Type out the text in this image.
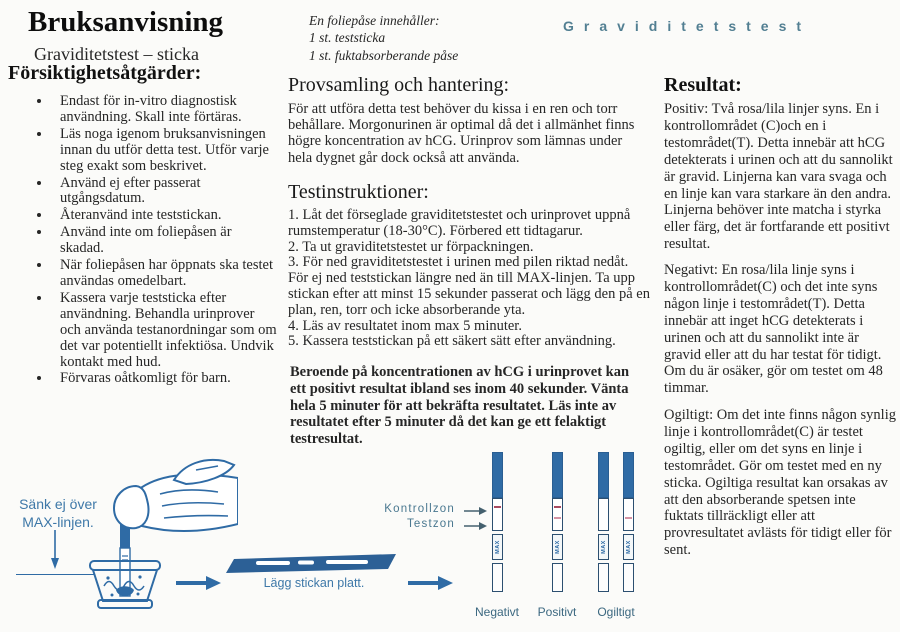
Bruksanvisning
Graviditetstest – sticka
En foliepåse innehåller:
1 st. teststicka
1 st. fuktabsorberande påse
Graviditetstest
Försiktighetsåtgärder:
• Endast för in-vitro diagnostisk användning. Skall inte förtäras.
• Läs noga igenom bruksanvisningen innan du utför detta test. Utför varje steg exakt som beskrivet.
• Använd ej efter passerat utgångsdatum.
• Återanvänd inte teststickan.
• Använd inte om foliepåsen är skadad.
• När foliepåsen har öppnats ska testet användas omedelbart.
• Kassera varje teststicka efter användning. Behandla urinprover och använda testanordningar som om det var potentiellt infektiösa. Undvik kontakt med hud.
• Förvaras oåtkomligt för barn.
Provsamling och hantering:
För att utföra detta test behöver du kissa i en ren och torr behållare. Morgonurinen är optimal då det i allmänhet finns högre koncentration av hCG. Urinprov som lämnas under hela dygnet går dock också att använda.
Testinstruktioner:
1. Låt det förseglade graviditetstestet och urinprovet uppnå rumstemperatur (18-30°C). Förbered ett tidtagarur.
2. Ta ut graviditetstestet ur förpackningen.
3. För ned graviditetstestet i urinen med pilen riktad nedåt. För ej ned teststickan längre ned än till MAX-linjen. Ta upp stickan efter att minst 15 sekunder passerat och lägg den på en plan, ren, torr och icke absorberande yta.
4. Läs av resultatet inom max 5 minuter.
5. Kassera teststickan på ett säkert sätt efter användning.
Beroende på koncentrationen av hCG i urinprovet kan ett positivt resultat ibland ses inom 40 sekunder. Vänta hela 5 minuter för att bekräfta resultatet. Läs inte av resultatet efter 5 minuter då det kan ge ett felaktigt testresultat.
Resultat:
Positiv: Två rosa/lila linjer syns. En i kontrollområdet (C)och en i testområdet(T). Detta innebär att hCG detekterats i urinen och att du sannolikt är gravid. Linjerna kan vara svaga och en linje kan vara starkare än den andra. Linjerna behöver inte matcha i styrka eller färg, det är fortfarande ett positivt resultat.
Negativt: En rosa/lila linje syns i kontrollområdet(C) och det inte syns någon linje i testområdet(T). Detta innebär att inget hCG detekterats i urinen och att du sannolikt inte är gravid eller att du har testat för tidigt. Om du är osäker, gör om testet om 48 timmar.
Ogiltigt: Om det inte finns någon synlig linje i kontrollområdet(C) är testet ogiltig, eller om det syns en linje i testområdet. Gör om testet med en ny sticka. Ogiltiga resultat kan orsakas av att den absorberande spetsen inte fuktats tillräckligt eller att provresultatet avlästs för tidigt eller för sent.
Sänk ej över
MAX-linjen.
Lägg stickan platt.
Kontrollzon
Testzon
MAX	MAX	MAX	MAX
Negativt Positivt Ogiltigt
